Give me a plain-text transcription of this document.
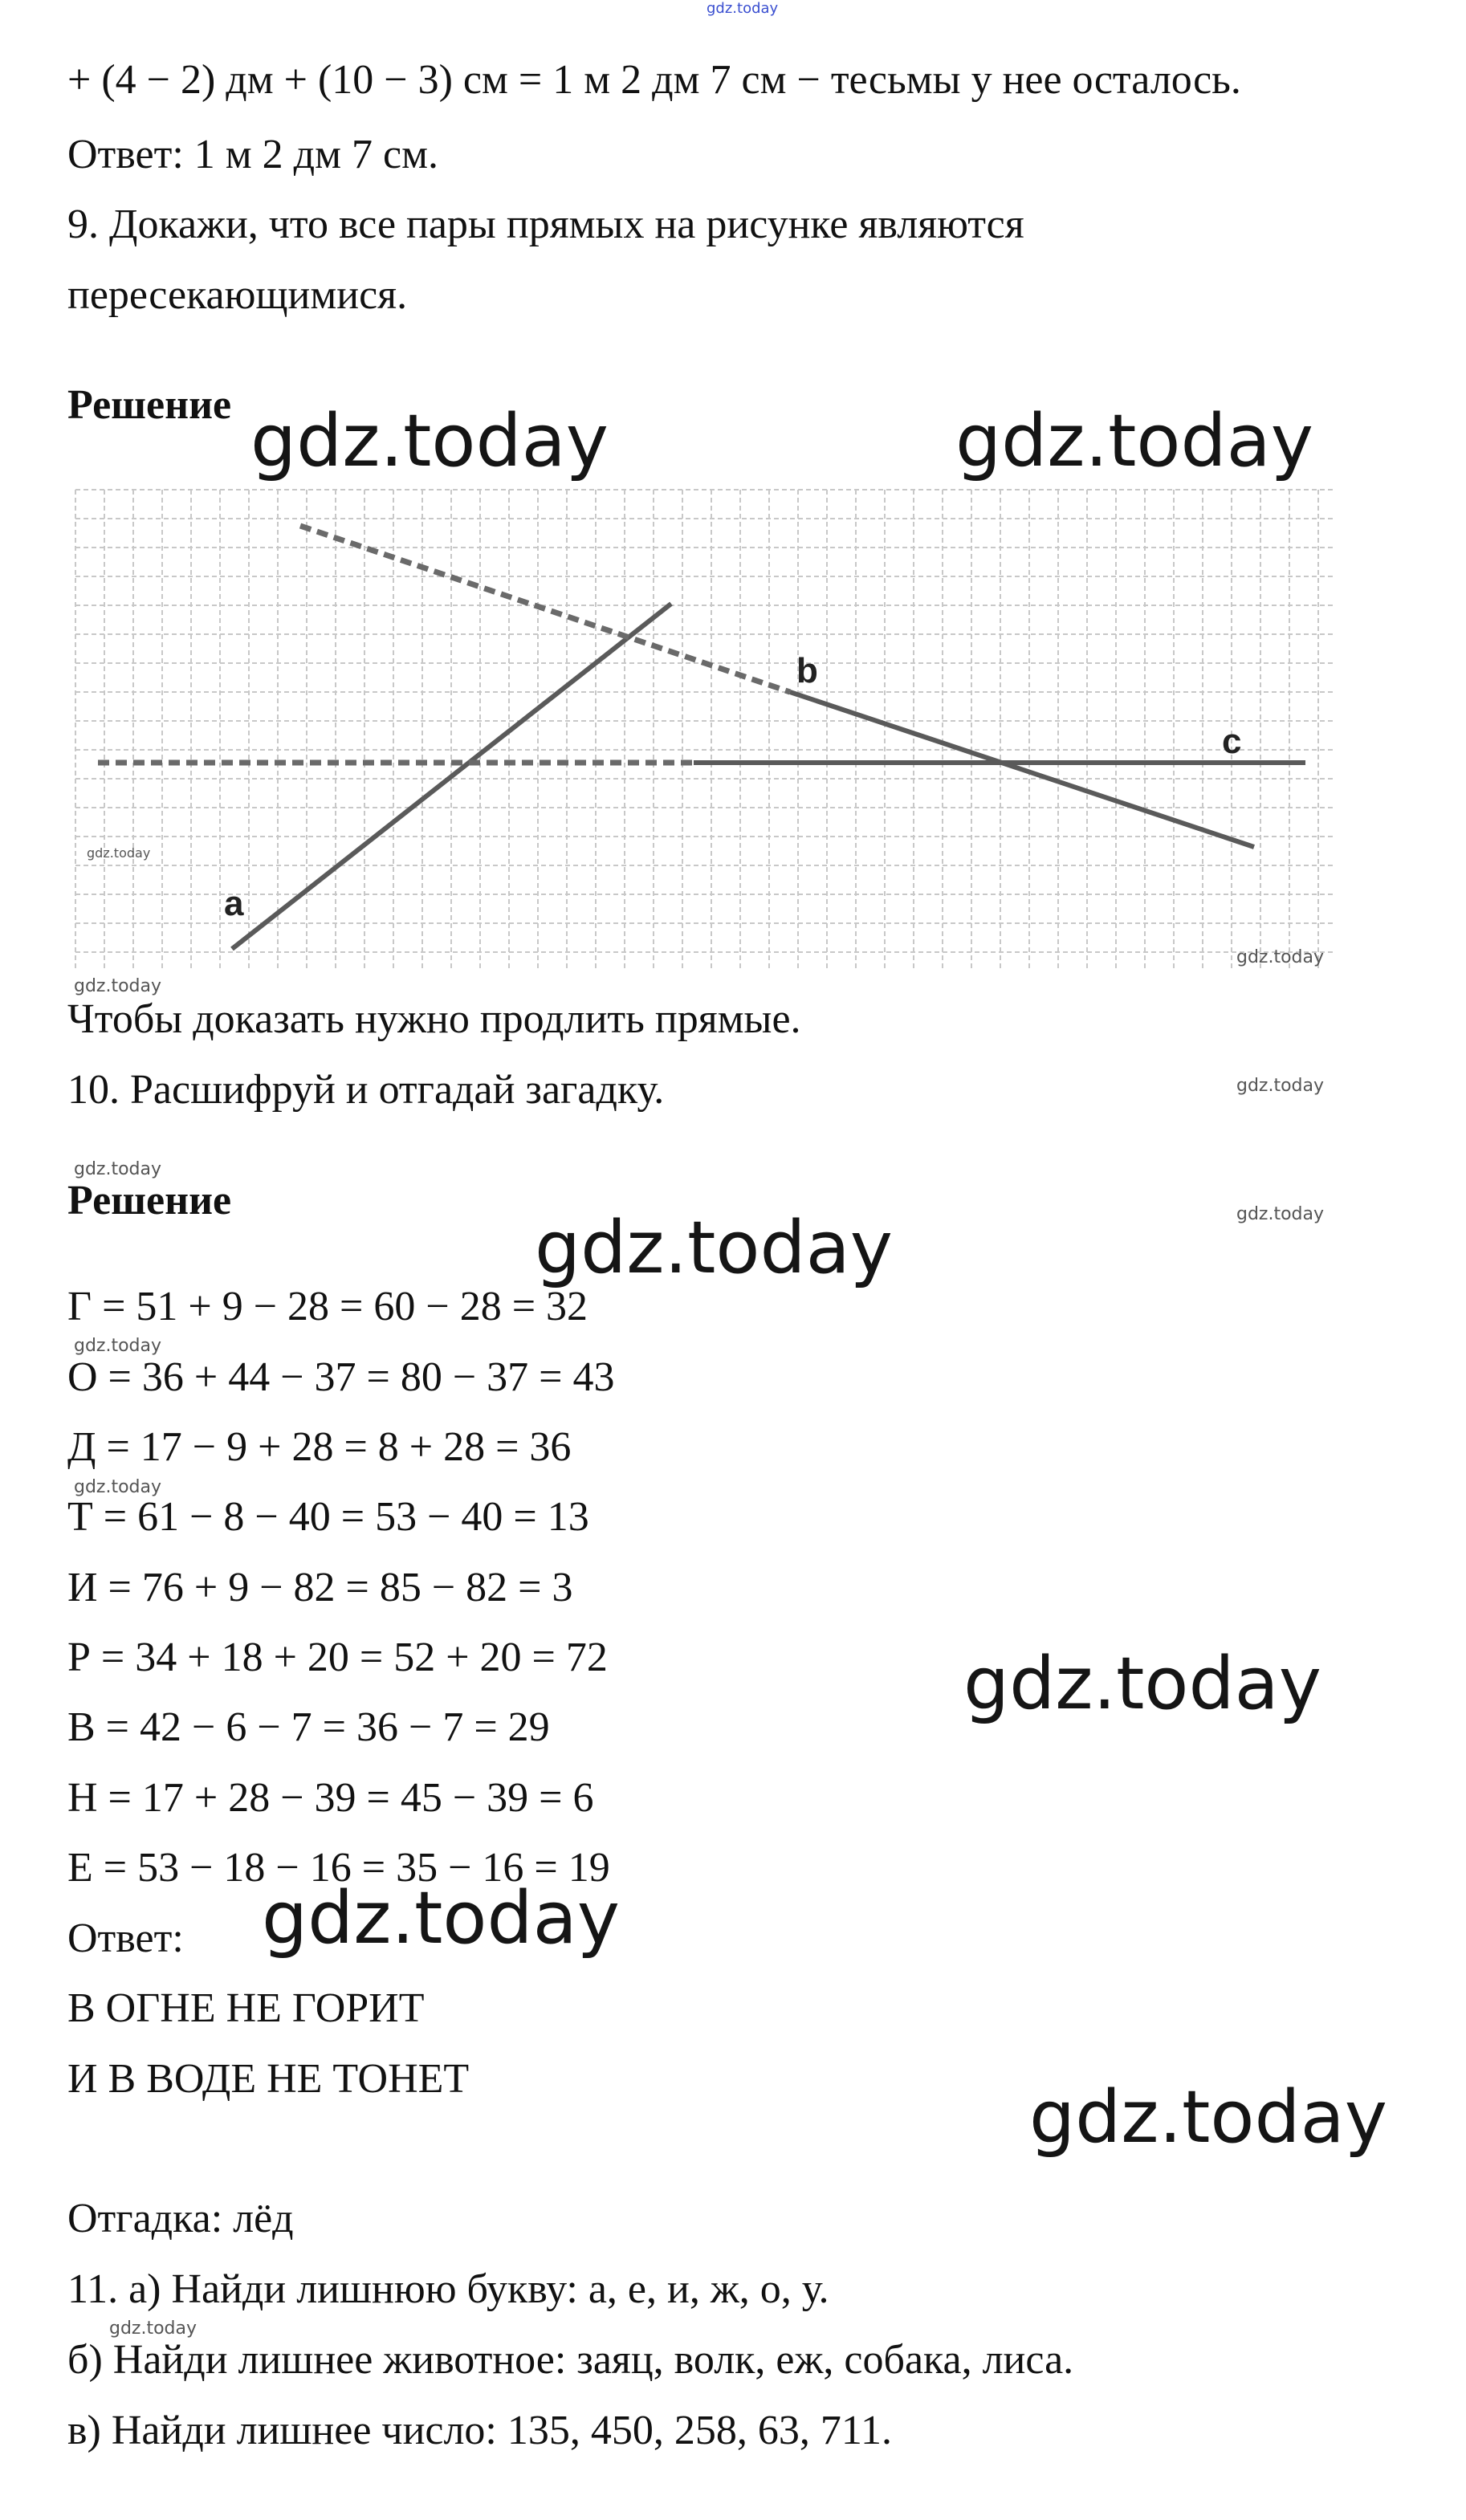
gdz.today
+ (4 − 2) дм + (10 − 3) см = 1 м 2 дм 7 см − тесьмы у нее осталось.
Ответ: 1 м 2 дм 7 см.
9. Докажи, что все пары прямых на рисунке являются
пересекающимися.
Решение
a
b
c
gdz.today	gdz.today
gdz.today
gdz.today
gdz.today
Чтобы доказать нужно продлить прямые.
10. Расшифруй и отгадай загадку.	gdz.today
gdz.today
Решение	gdz.today
gdz.today
Г = 51 + 9 − 28 = 60 − 28 = 32
gdz.today
О = 36 + 44 − 37 = 80 − 37 = 43
Д = 17 − 9 + 28 = 8 + 28 = 36
gdz.today
Т = 61 − 8 − 40 = 53 − 40 = 13
И = 76 + 9 − 82 = 85 − 82 = 3
Р = 34 + 18 + 20 = 52 + 20 = 72	gdz.today
В = 42 − 6 − 7 = 36 − 7 = 29
Н = 17 + 28 − 39 = 45 − 39 = 6
Е = 53 − 18 − 16 = 35 − 16 = 19
Ответ: gdz.today
В ОГНЕ НЕ ГОРИТ
И В ВОДЕ НЕ ТОНЕТ	gdz.today
Отгадка: лёд
11. а) Найди лишнюю букву: а, е, и, ж, о, у.
gdz.today
б) Найди лишнее животное: заяц, волк, еж, собака, лиса.
в) Найди лишнее число: 135, 450, 258, 63, 711.
